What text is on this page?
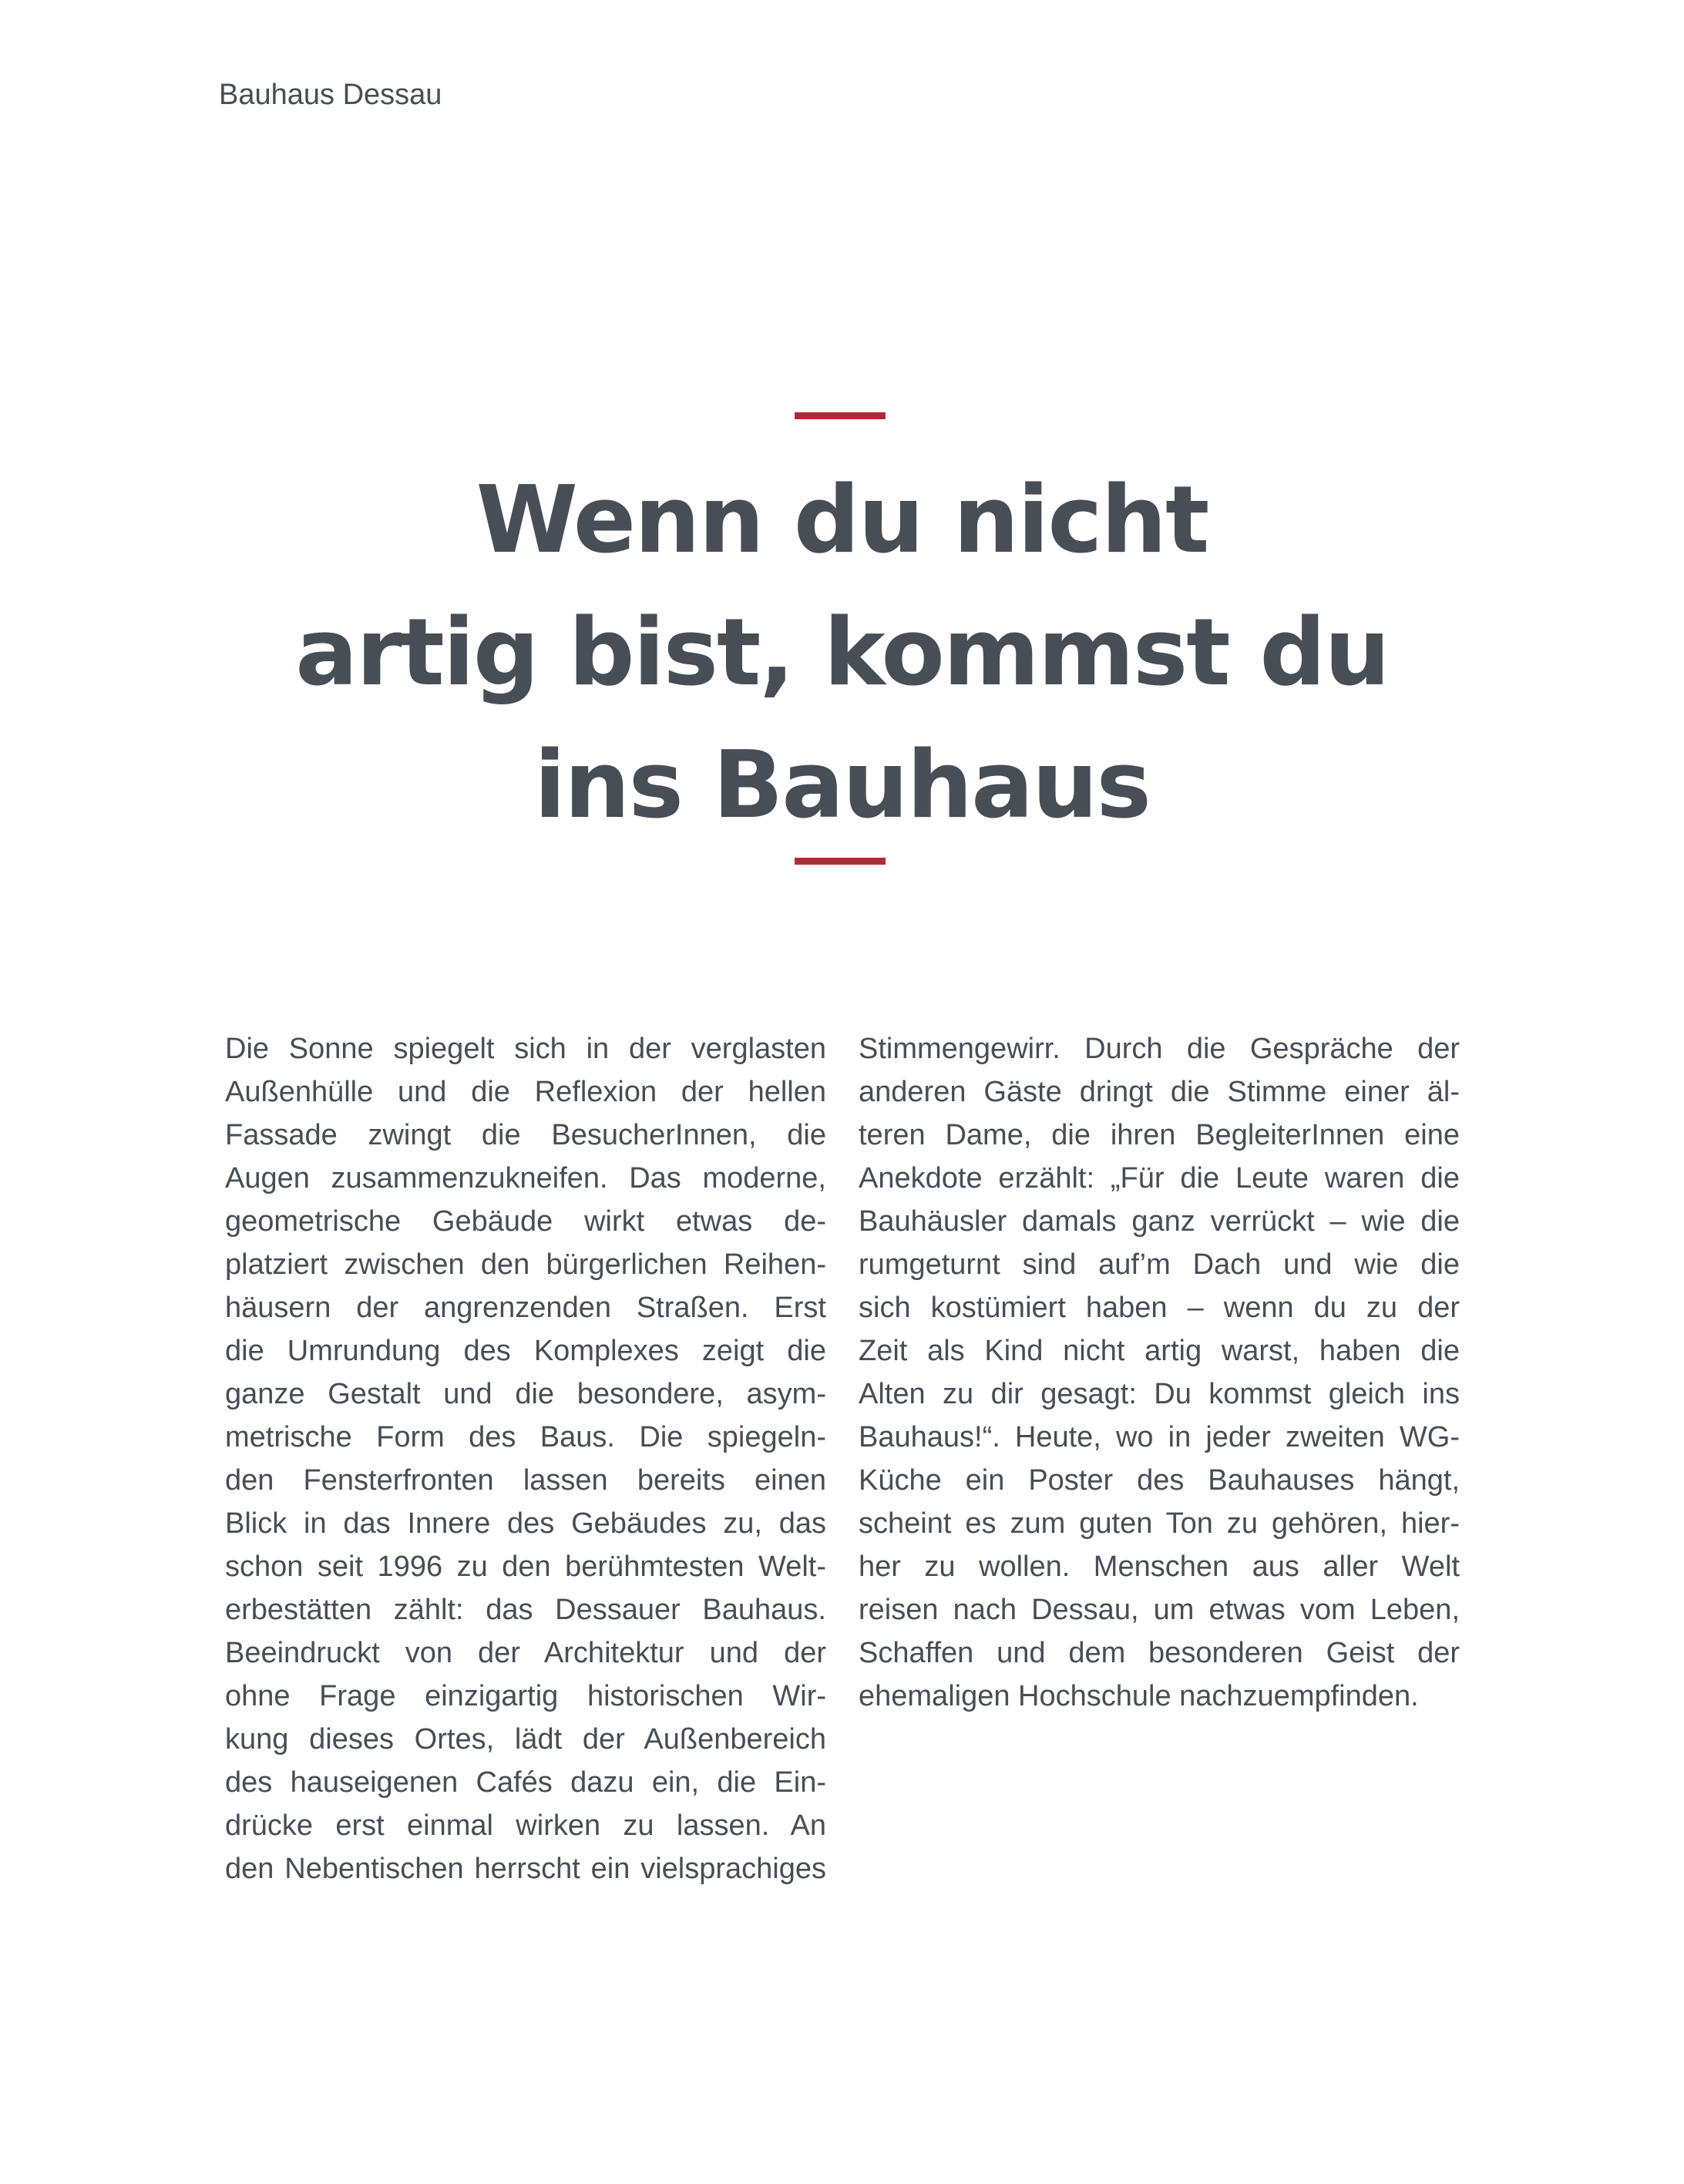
Bauhaus Dessau
Wenn du nicht
artig bist, kommst du
ins Bauhaus
Die Sonne spiegelt sich in der verglasten
Außenhülle und die Reflexion der hellen
Fassade zwingt die BesucherInnen, die
Augen zusammenzukneifen. Das moderne,
geometrische Gebäude wirkt etwas de-
platziert zwischen den bürgerlichen Reihen-
häusern der angrenzenden Straßen. Erst
die Umrundung des Komplexes zeigt die
ganze Gestalt und die besondere, asym-
metrische Form des Baus. Die spiegeln-
den Fensterfronten lassen bereits einen
Blick in das Innere des Gebäudes zu, das
schon seit 1996 zu den berühmtesten Welt-
erbestätten zählt: das Dessauer Bauhaus.
Beeindruckt von der Architektur und der
ohne Frage einzigartig historischen Wir-
kung dieses Ortes, lädt der Außenbereich
des hauseigenen Cafés dazu ein, die Ein-
drücke erst einmal wirken zu lassen. An
den Nebentischen herrscht ein vielsprachiges
Stimmengewirr. Durch die Gespräche der
anderen Gäste dringt die Stimme einer äl-
teren Dame, die ihren BegleiterInnen eine
Anekdote erzählt: „Für die Leute waren die
Bauhäusler damals ganz verrückt – wie die
rumgeturnt sind auf’m Dach und wie die
sich kostümiert haben – wenn du zu der
Zeit als Kind nicht artig warst, haben die
Alten zu dir gesagt: Du kommst gleich ins
Bauhaus!“. Heute, wo in jeder zweiten WG-
Küche ein Poster des Bauhauses hängt,
scheint es zum guten Ton zu gehören, hier-
her zu wollen. Menschen aus aller Welt
reisen nach Dessau, um etwas vom Leben,
Schaffen und dem besonderen Geist der
ehemaligen Hochschule nachzuempfinden.
